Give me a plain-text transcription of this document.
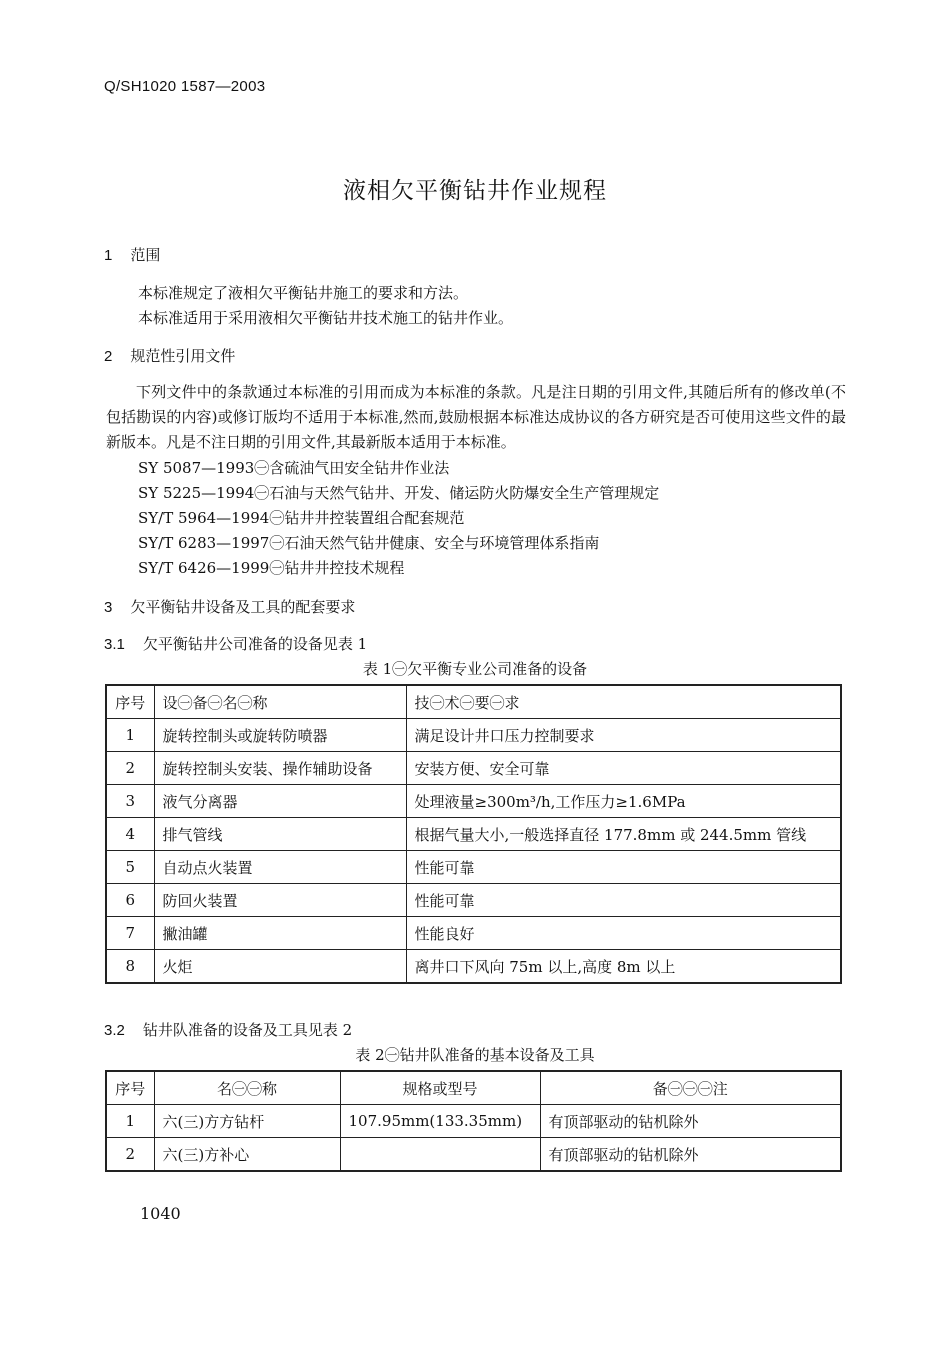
Q/SH1020 1587—2003
液相欠平衡钻井作业规程
1 范围
本标准规定了液相欠平衡钻井施工的要求和方法。
本标准适用于采用液相欠平衡钻井技术施工的钻井作业。
2 规范性引用文件
下列文件中的条款通过本标准的引用而成为本标准的条款。凡是注日期的引用文件,其随后所有的修改单(不包括勘误的内容)或修订版均不适用于本标准,然而,鼓励根据本标准达成协议的各方研究是否可使用这些文件的最新版本。凡是不注日期的引用文件,其最新版本适用于本标准。
SY 5087—1993㊀含硫油气田安全钻井作业法
SY 5225—1994㊀石油与天然气钻井、开发、储运防火防爆安全生产管理规定
SY/T 5964—1994㊀钻井井控装置组合配套规范
SY/T 6283—1997㊀石油天然气钻井健康、安全与环境管理体系指南
SY/T 6426—1999㊀钻井井控技术规程
3 欠平衡钻井设备及工具的配套要求
3.1 欠平衡钻井公司准备的设备见表 1
表 1㊀欠平衡专业公司准备的设备
序号	设㊀备㊀名㊀称	技㊀术㊀要㊀求
1	旋转控制头或旋转防喷器	满足设计井口压力控制要求
2	旋转控制头安装、操作辅助设备	安装方便、安全可靠
3	液气分离器	处理液量≥300m³/h,工作压力≥1.6MPa
4	排气管线	根据气量大小,一般选择直径 177.8mm 或 244.5mm 管线
5	自动点火装置	性能可靠
6	防回火装置	性能可靠
7	撇油罐	性能良好
8	火炬	离井口下风向 75m 以上,高度 8m 以上
3.2 钻井队准备的设备及工具见表 2
表 2㊀钻井队准备的基本设备及工具
序号	名㊀㊀称	规格或型号	备㊀㊀㊀注
1	六(三)方方钻杆	107.95mm(133.35mm)	有顶部驱动的钻机除外
2	六(三)方补心		有顶部驱动的钻机除外
1040
